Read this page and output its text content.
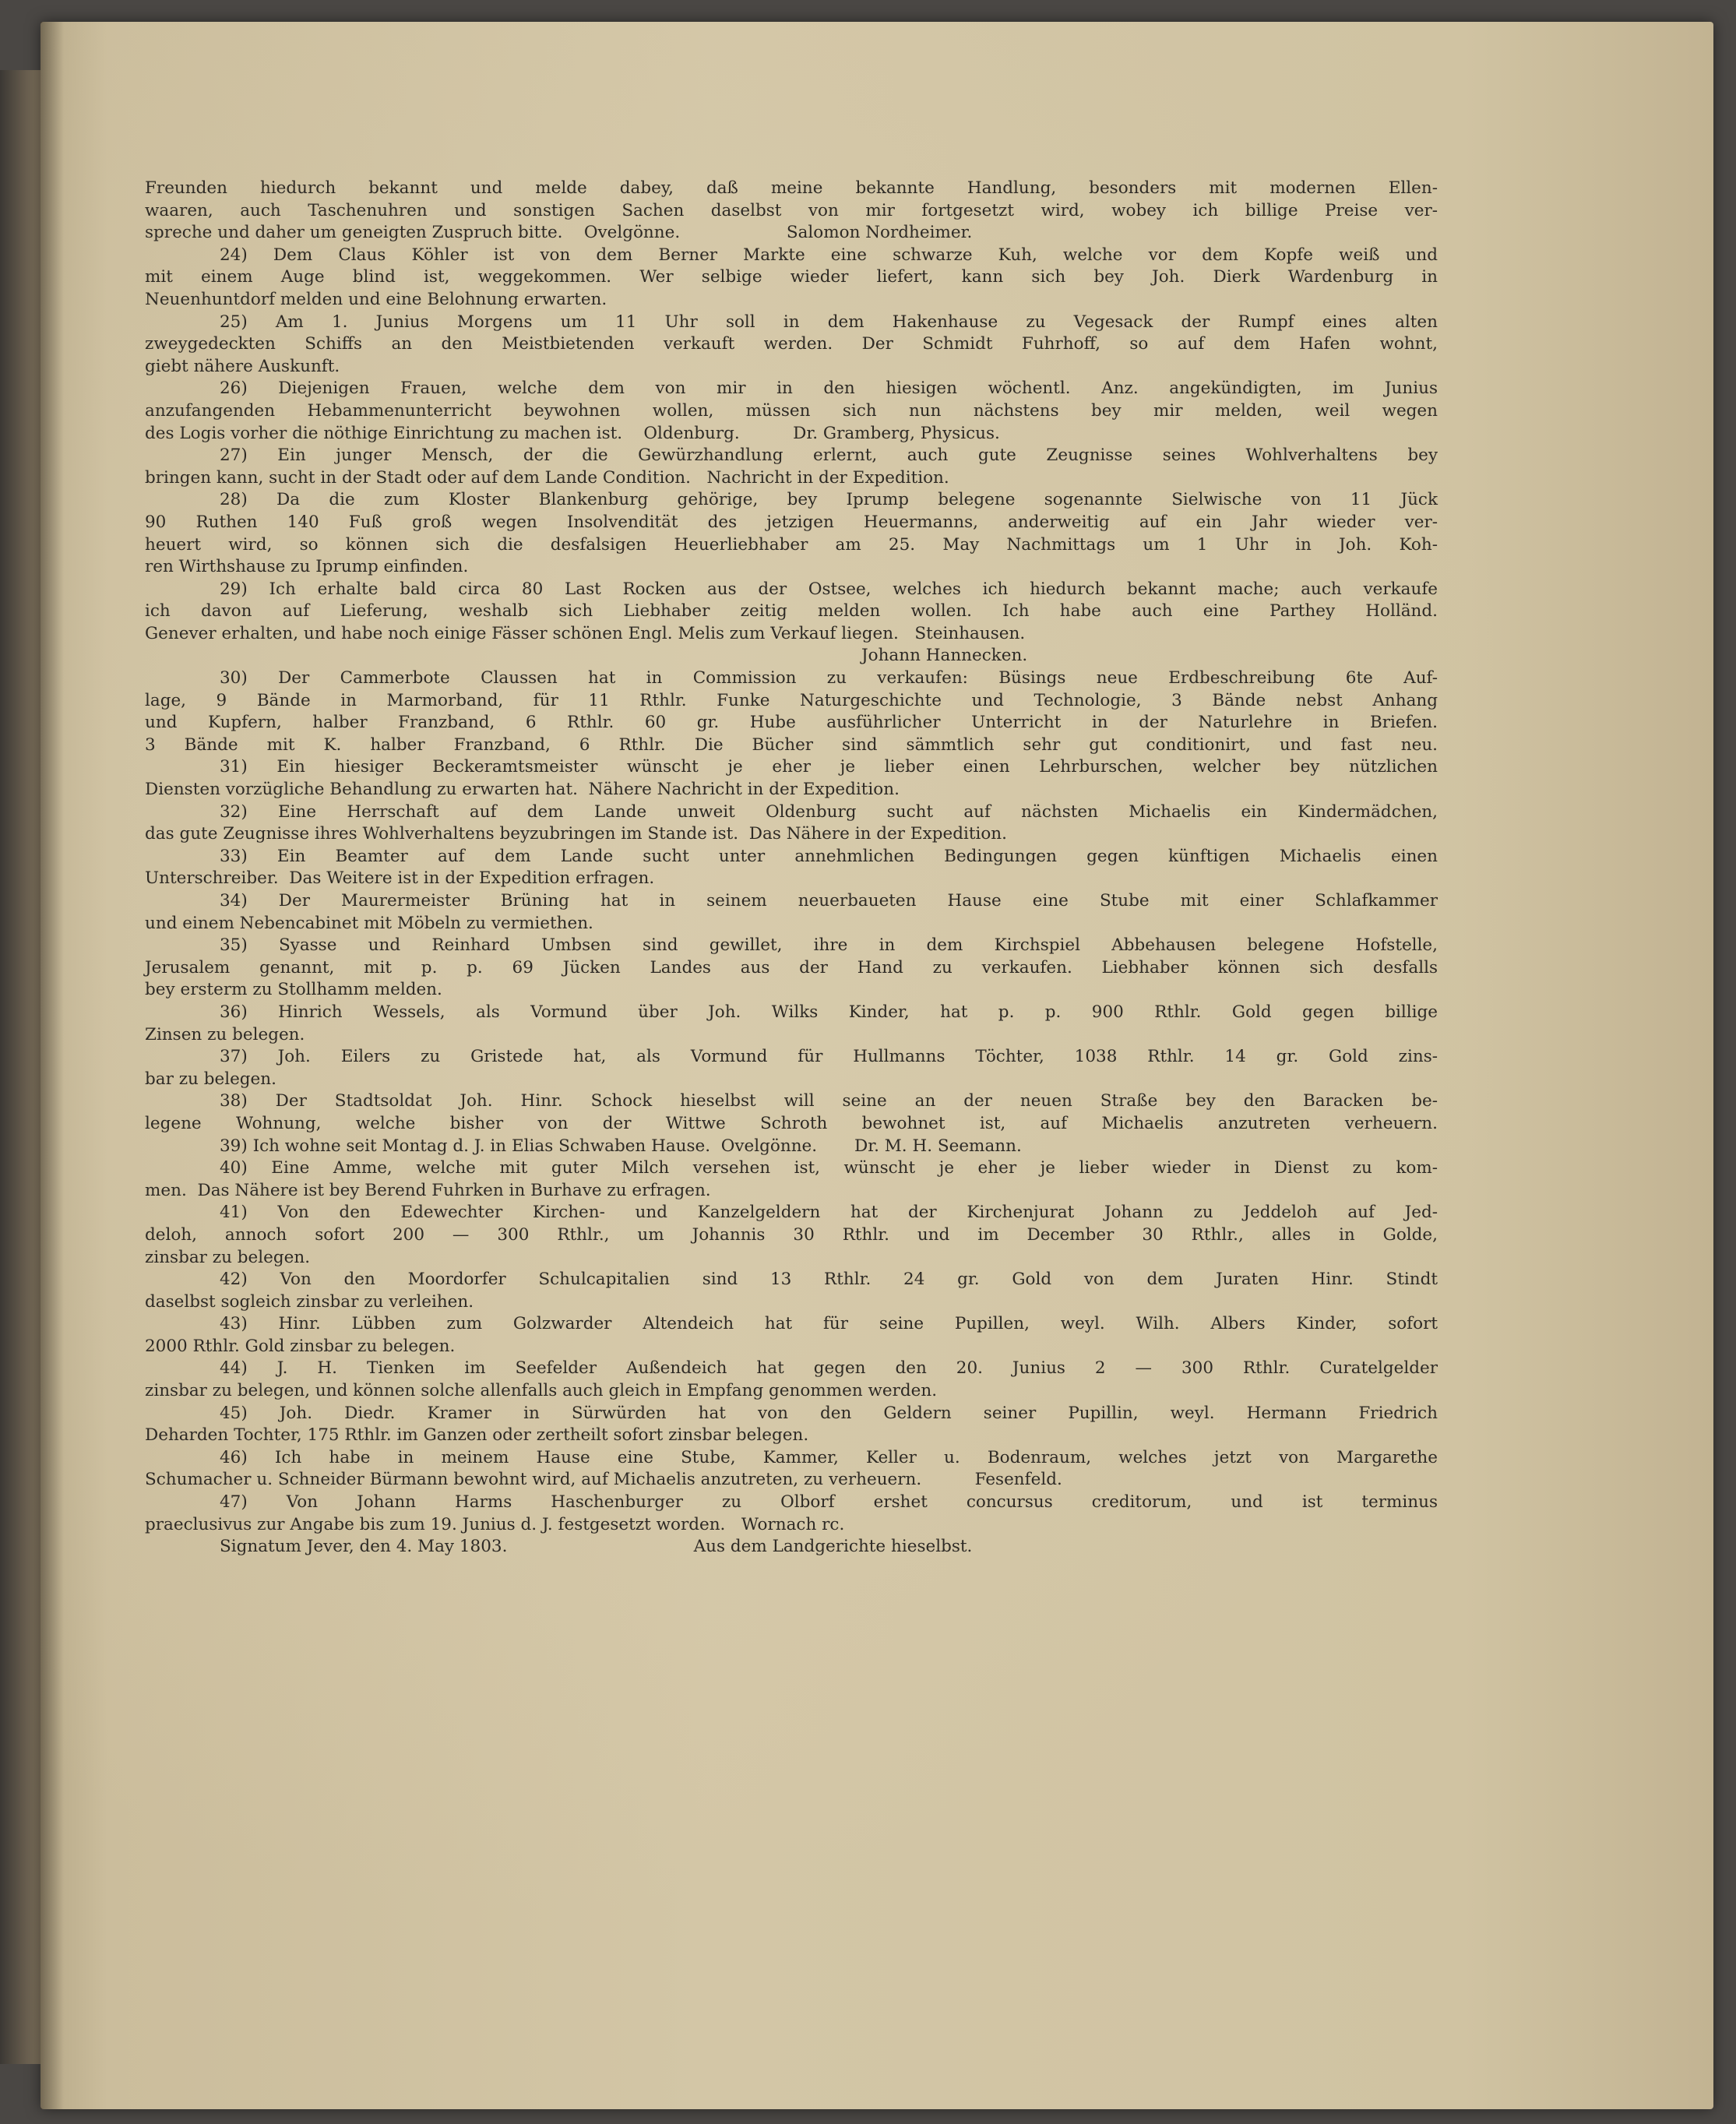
Freunden hiedurch bekannt und melde dabey, daß meine bekannte Handlung, besonders mit modernen Ellen-
waaren, auch Taschenuhren und sonstigen Sachen daselbst von mir fortgesetzt wird, wobey ich billige Preise ver-
spreche und daher um geneigten Zuspruch bitte.    Ovelgönne.                    Salomon Nordheimer.
24) Dem Claus Köhler ist von dem Berner Markte eine schwarze Kuh, welche vor dem Kopfe weiß und
mit einem Auge blind ist, weggekommen. Wer selbige wieder liefert, kann sich bey Joh. Dierk Wardenburg in
Neuenhuntdorf melden und eine Belohnung erwarten.
25) Am 1. Junius Morgens um 11 Uhr soll in dem Hakenhause zu Vegesack der Rumpf eines alten
zweygedeckten Schiffs an den Meistbietenden verkauft werden. Der Schmidt Fuhrhoff, so auf dem Hafen wohnt,
giebt nähere Auskunft.
26) Diejenigen Frauen, welche dem von mir in den hiesigen wöchentl. Anz. angekündigten, im Junius
anzufangenden Hebammenunterricht beywohnen wollen, müssen sich nun nächstens bey mir melden, weil wegen
des Logis vorher die nöthige Einrichtung zu machen ist.    Oldenburg.          Dr. Gramberg, Physicus.
27) Ein junger Mensch, der die Gewürzhandlung erlernt, auch gute Zeugnisse seines Wohlverhaltens bey
bringen kann, sucht in der Stadt oder auf dem Lande Condition.   Nachricht in der Expedition.
28) Da die zum Kloster Blankenburg gehörige, bey Iprump belegene sogenannte Sielwische von 11 Jück
90 Ruthen 140 Fuß groß wegen Insolvendität des jetzigen Heuermanns, anderweitig auf ein Jahr wieder ver-
heuert wird, so können sich die desfalsigen Heuerliebhaber am 25. May Nachmittags um 1 Uhr in Joh. Koh-
ren Wirthshause zu Iprump einfinden.
29) Ich erhalte bald circa 80 Last Rocken aus der Ostsee, welches ich hiedurch bekannt mache; auch verkaufe
ich davon auf Lieferung, weshalb sich Liebhaber zeitig melden wollen. Ich habe auch eine Parthey Holländ.
Genever erhalten, und habe noch einige Fässer schönen Engl. Melis zum Verkauf liegen.   Steinhausen.
Johann Hannecken.
30) Der Cammerbote Claussen hat in Commission zu verkaufen: Büsings neue Erdbeschreibung 6te Auf-
lage, 9 Bände in Marmorband, für 11 Rthlr. Funke Naturgeschichte und Technologie, 3 Bände nebst Anhang
und Kupfern, halber Franzband, 6 Rthlr. 60 gr. Hube ausführlicher Unterricht in der Naturlehre in Briefen.
3 Bände mit K. halber Franzband, 6 Rthlr. Die Bücher sind sämmtlich sehr gut conditionirt, und fast neu.
31) Ein hiesiger Beckeramtsmeister wünscht je eher je lieber einen Lehrburschen, welcher bey nützlichen
Diensten vorzügliche Behandlung zu erwarten hat.  Nähere Nachricht in der Expedition.
32) Eine Herrschaft auf dem Lande unweit Oldenburg sucht auf nächsten Michaelis ein Kindermädchen,
das gute Zeugnisse ihres Wohlverhaltens beyzubringen im Stande ist.  Das Nähere in der Expedition.
33) Ein Beamter auf dem Lande sucht unter annehmlichen Bedingungen gegen künftigen Michaelis einen
Unterschreiber.  Das Weitere ist in der Expedition erfragen.
34) Der Maurermeister Brüning hat in seinem neuerbaueten Hause eine Stube mit einer Schlafkammer
und einem Nebencabinet mit Möbeln zu vermiethen.
35) Syasse und Reinhard Umbsen sind gewillet, ihre in dem Kirchspiel Abbehausen belegene Hofstelle,
Jerusalem genannt, mit p. p. 69 Jücken Landes aus der Hand zu verkaufen. Liebhaber können sich desfalls
bey ersterm zu Stollhamm melden.
36) Hinrich Wessels, als Vormund über Joh. Wilks Kinder, hat p. p. 900 Rthlr. Gold gegen billige
Zinsen zu belegen.
37) Joh. Eilers zu Gristede hat, als Vormund für Hullmanns Töchter, 1038 Rthlr. 14 gr. Gold zins-
bar zu belegen.
38) Der Stadtsoldat Joh. Hinr. Schock hieselbst will seine an der neuen Straße bey den Baracken be-
legene Wohnung, welche bisher von der Wittwe Schroth bewohnet ist, auf Michaelis anzutreten verheuern.
39) Ich wohne seit Montag d. J. in Elias Schwaben Hause.  Ovelgönne.       Dr. M. H. Seemann.
40) Eine Amme, welche mit guter Milch versehen ist, wünscht je eher je lieber wieder in Dienst zu kom-
men.  Das Nähere ist bey Berend Fuhrken in Burhave zu erfragen.
41) Von den Edewechter Kirchen- und Kanzelgeldern hat der Kirchenjurat Johann zu Jeddeloh auf Jed-
deloh, annoch sofort 200 — 300 Rthlr., um Johannis 30 Rthlr. und im December 30 Rthlr., alles in Golde,
zinsbar zu belegen.
42) Von den Moordorfer Schulcapitalien sind 13 Rthlr. 24 gr. Gold von dem Juraten Hinr. Stindt
daselbst sogleich zinsbar zu verleihen.
43) Hinr. Lübben zum Golzwarder Altendeich hat für seine Pupillen, weyl. Wilh. Albers Kinder, sofort
2000 Rthlr. Gold zinsbar zu belegen.
44) J. H. Tienken im Seefelder Außendeich hat gegen den 20. Junius 2 — 300 Rthlr. Curatelgelder
zinsbar zu belegen, und können solche allenfalls auch gleich in Empfang genommen werden.
45) Joh. Diedr. Kramer in Sürwürden hat von den Geldern seiner Pupillin, weyl. Hermann Friedrich
Deharden Tochter, 175 Rthlr. im Ganzen oder zertheilt sofort zinsbar belegen.
46) Ich habe in meinem Hause eine Stube, Kammer, Keller u. Bodenraum, welches jetzt von Margarethe
Schumacher u. Schneider Bürmann bewohnt wird, auf Michaelis anzutreten, zu verheuern.          Fesenfeld.
47) Von Johann Harms Haschenburger zu Olborf ershet concursus creditorum, und ist terminus
praeclusivus zur Angabe bis zum 19. Junius d. J. festgesetzt worden.   Wornach rc.
Signatum Jever, den 4. May 1803.                                   Aus dem Landgerichte hieselbst.
